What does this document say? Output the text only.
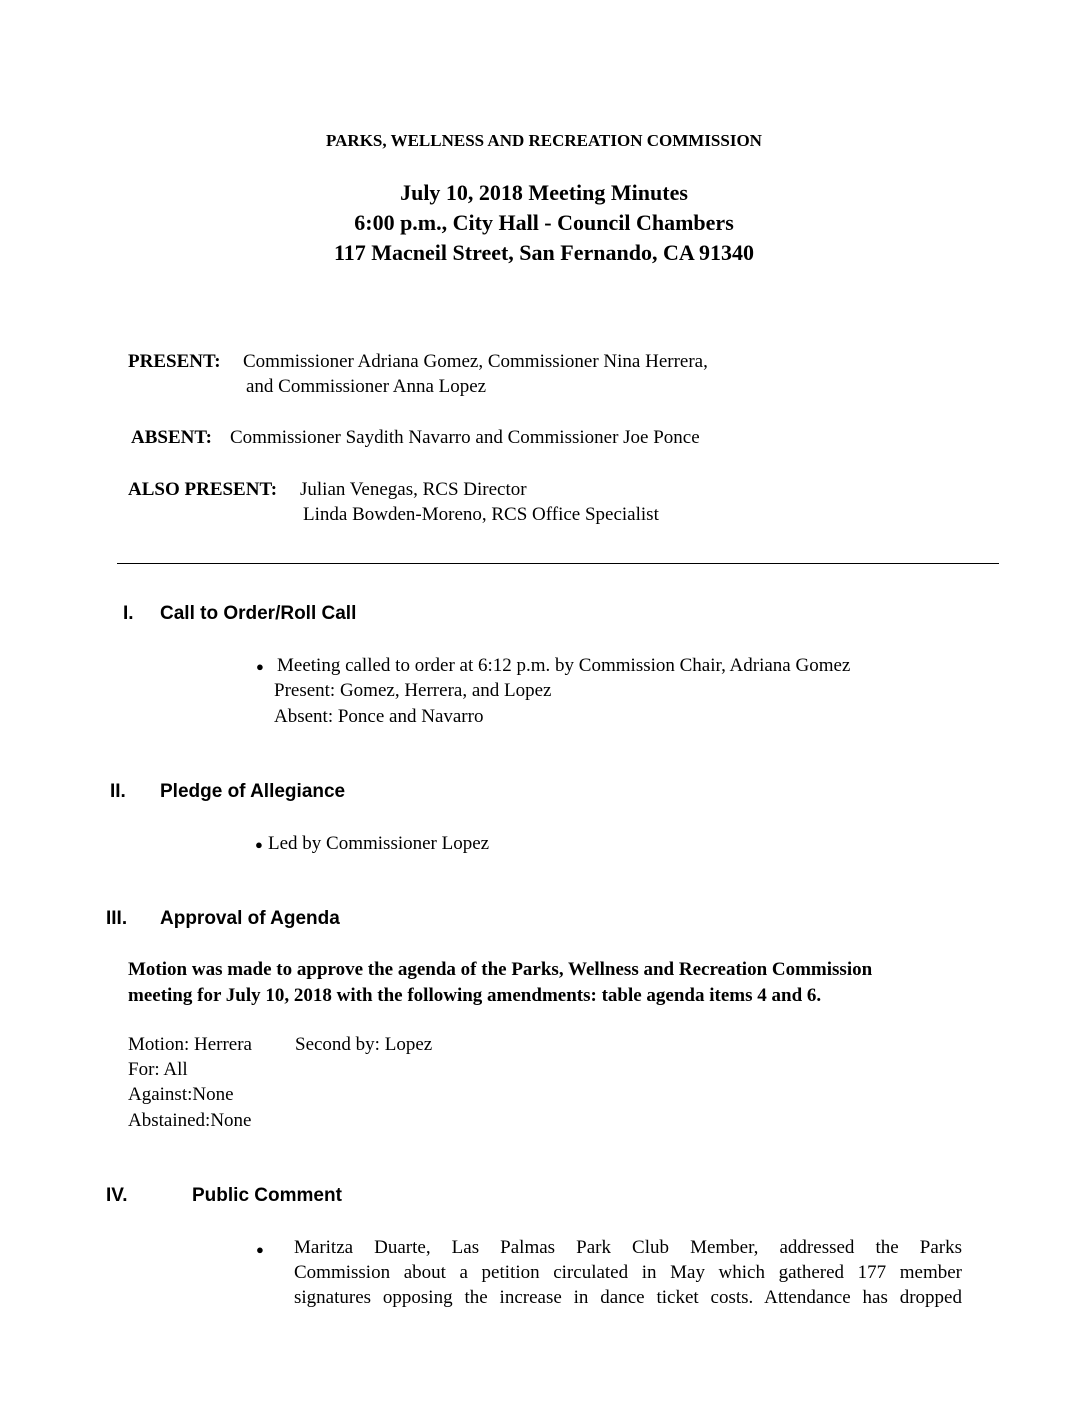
PARKS, WELLNESS AND RECREATION COMMISSION
July 10, 2018 Meeting Minutes
6:00 p.m., City Hall - Council Chambers
117 Macneil Street, San Fernando, CA 91340
PRESENT: Commissioner Adriana Gomez, Commissioner Nina Herrera,
and Commissioner Anna Lopez
ABSENT: Commissioner Saydith Navarro and Commissioner Joe Ponce
ALSO PRESENT: Julian Venegas, RCS Director
Linda Bowden-Moreno, RCS Office Specialist
I. Call to Order/Roll Call
● Meeting called to order at 6:12 p.m. by Commission Chair, Adriana Gomez
Present: Gomez, Herrera, and Lopez
Absent: Ponce and Navarro
II. Pledge of Allegiance
● Led by Commissioner Lopez
III. Approval of Agenda
Motion was made to approve the agenda of the Parks, Wellness and Recreation Commission
meeting for July 10, 2018 with the following amendments: table agenda items 4 and 6.
Motion: Herrera Second by: Lopez
For: All
Against:None
Abstained:None
IV.	Public Comment
● Maritza Duarte, Las Palmas Park Club Member, addressed the Parks
Commission about a petition circulated in May which gathered 177 member
signatures opposing the increase in dance ticket costs. Attendance has dropped
